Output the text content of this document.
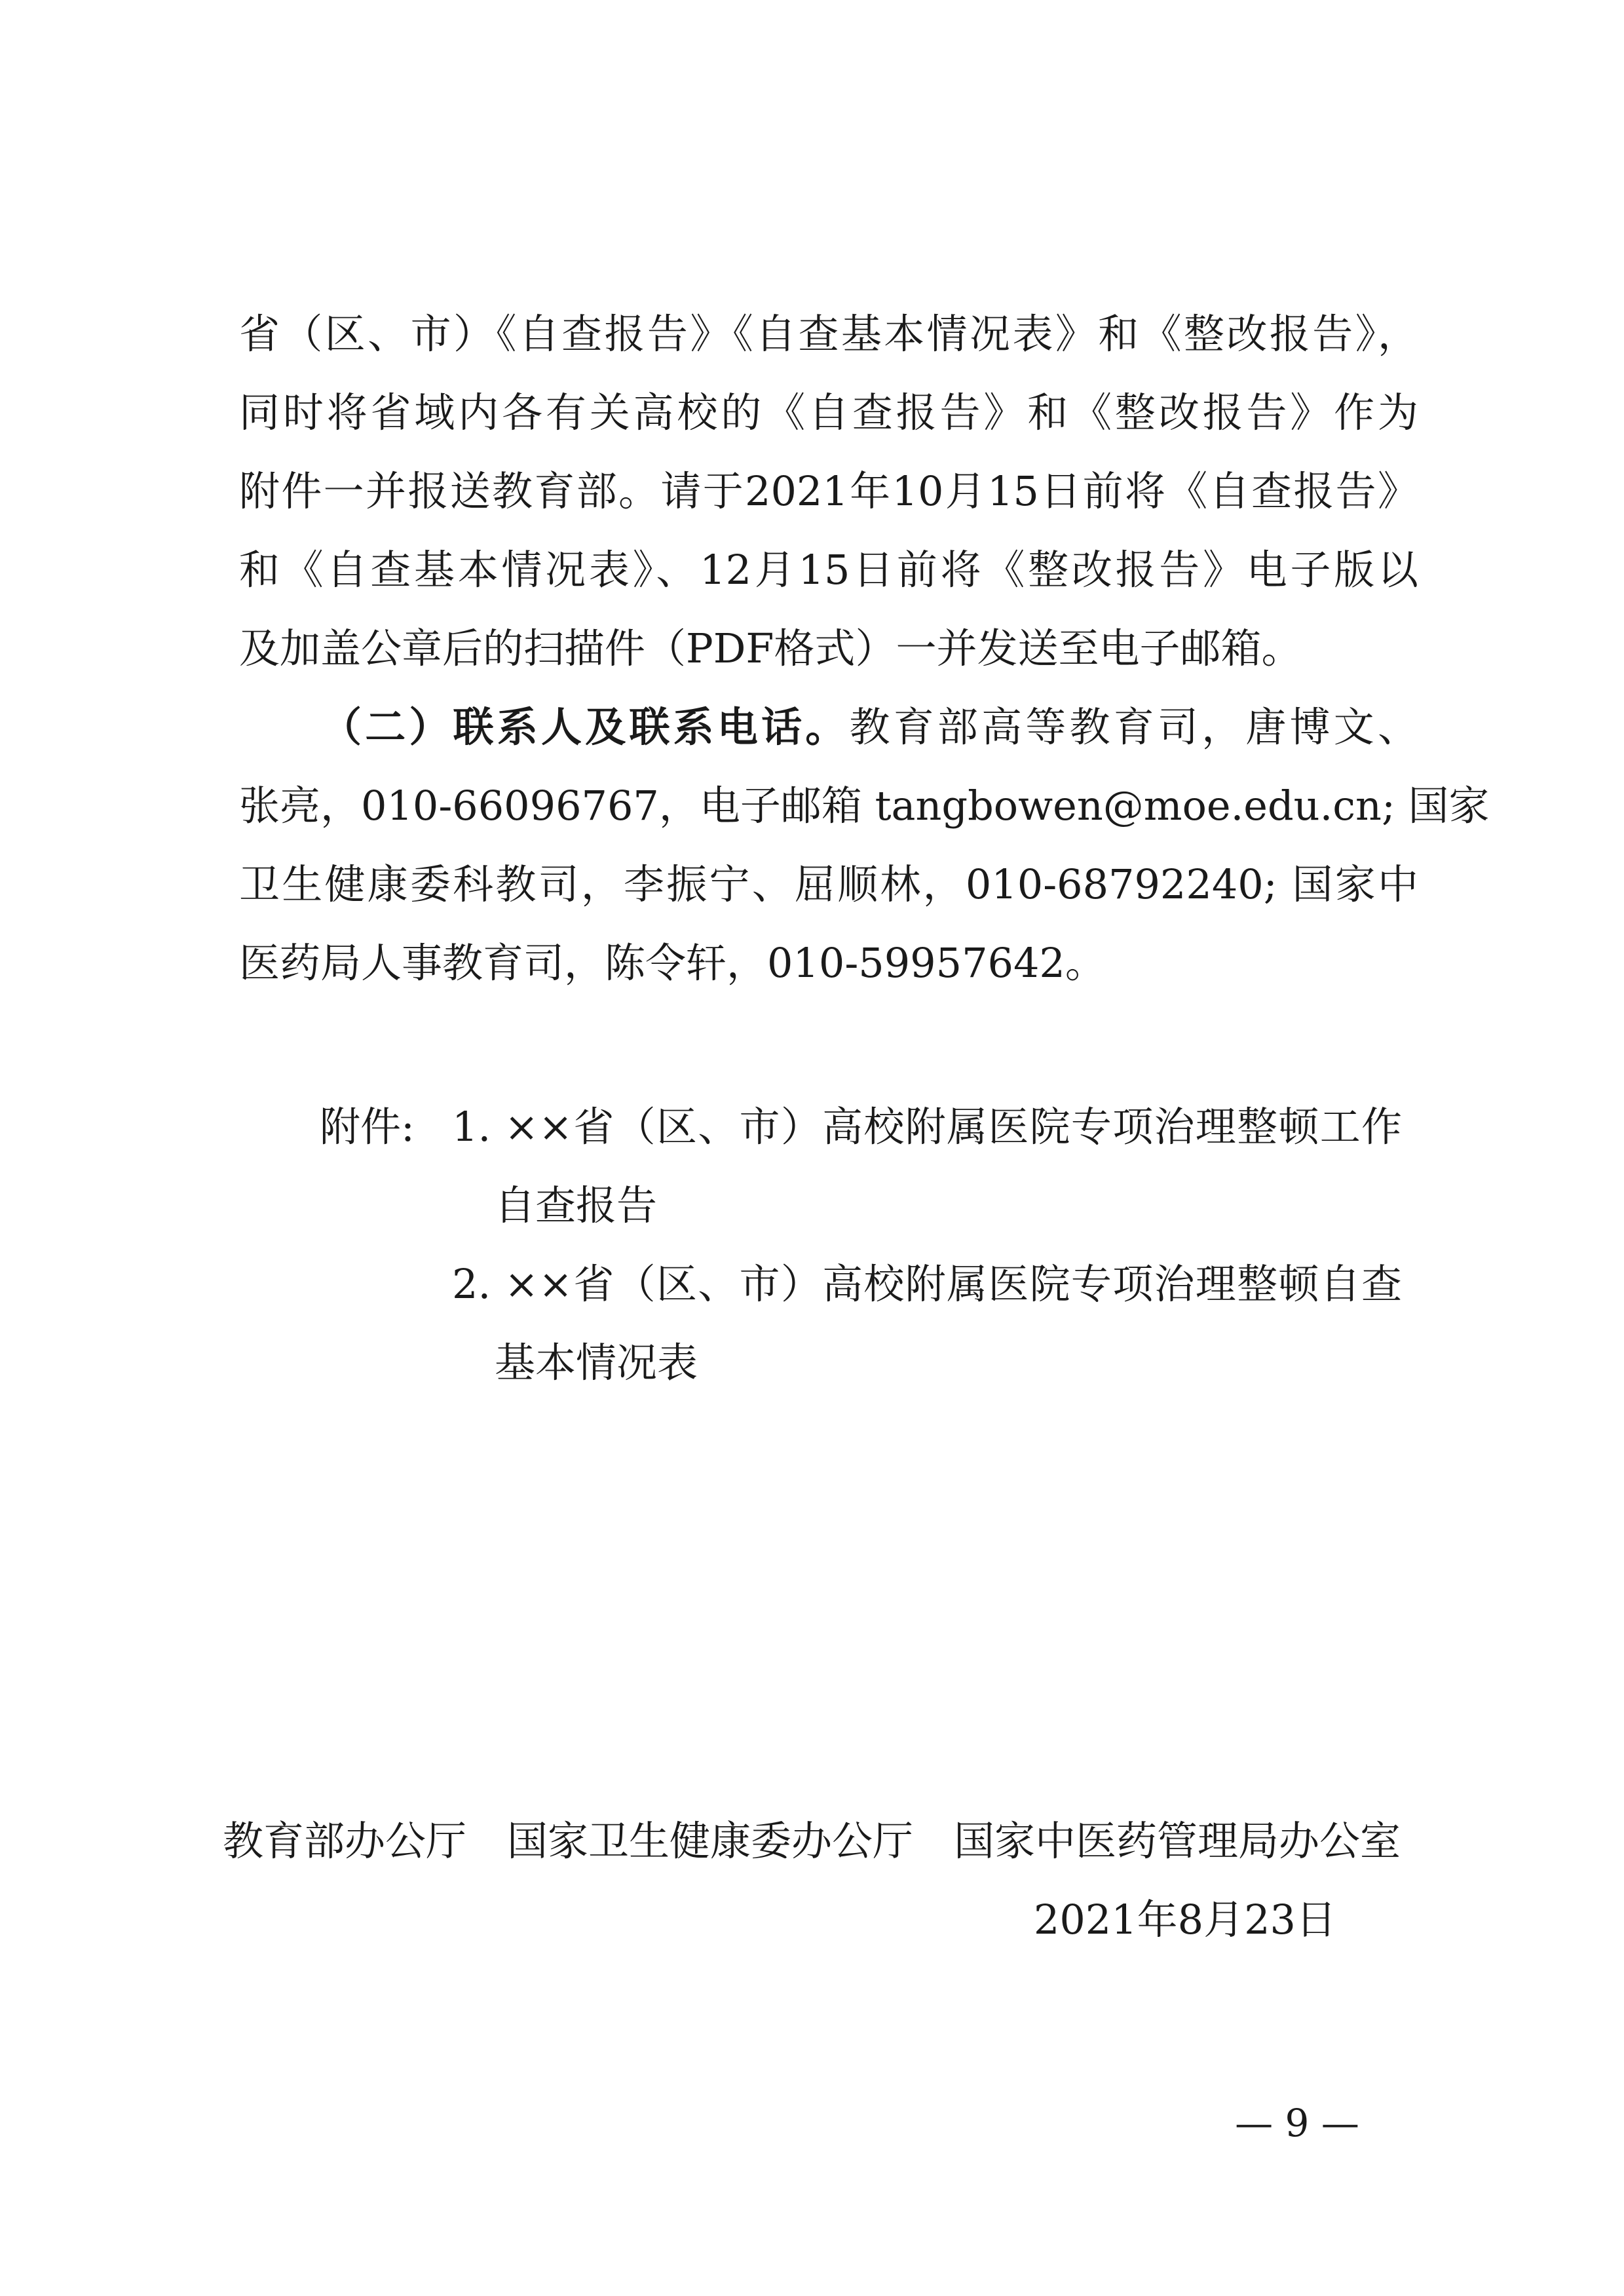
省（区、市）《自查报告》《自查基本情况表》和《整改报告》，
同时将省域内各有关高校的《自查报告》和《整改报告》作为
附件一并报送教育部。请于2021年10月15日前将《自查报告》
和《自查基本情况表》、12月15日前将《整改报告》电子版以
及加盖公章后的扫描件（PDF格式）一并发送至电子邮箱。
（二）联系人及联系电话。教育部高等教育司，唐博文、
张亮，010-66096767，电子邮箱 tangbowen@moe.edu.cn; 国家
卫生健康委科教司，李振宁、屈顺林，010-68792240; 国家中
医药局人事教育司，陈令轩，010-59957642。
附件: 1. ××省（区、市）高校附属医院专项治理整顿工作
自查报告
2. ××省（区、市）高校附属医院专项治理整顿自查
基本情况表
教育部办公厅　国家卫生健康委办公厅　国家中医药管理局办公室
2021年8月23日
— 9 —
